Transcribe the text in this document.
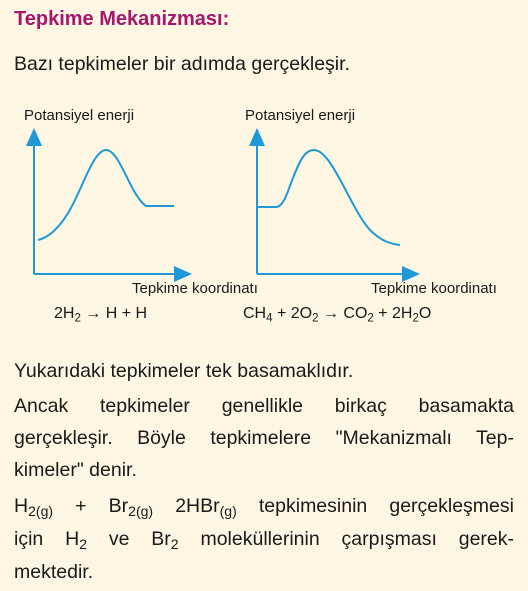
Tepkime Mekanizması:
Bazı tepkimeler bir adımda gerçekleşir.
Potansiyel enerji
Tepkime koordinatı
Potansiyel enerji
Tepkime koordinatı
$2H_2 \to H + H$	$CH_4 + 2O_2 \to CO_2 + 2H_2O$
Yukarıdaki tepkimeler tek basamaklıdır.
Ancak tepkimeler genellikle birkaç basamakta
gerçekleşir. Böyle tepkimelere "Mekanizmalı Tep-
kimeler" denir.
$H_{2(g)} + Br_{2(g)}$ 2HBr$_{(g)}$ tepkimesinin gerçekleşmesi
için $H_2$ ve $Br_2$ moleküllerinin çarpışması gerek-
mektedir.
